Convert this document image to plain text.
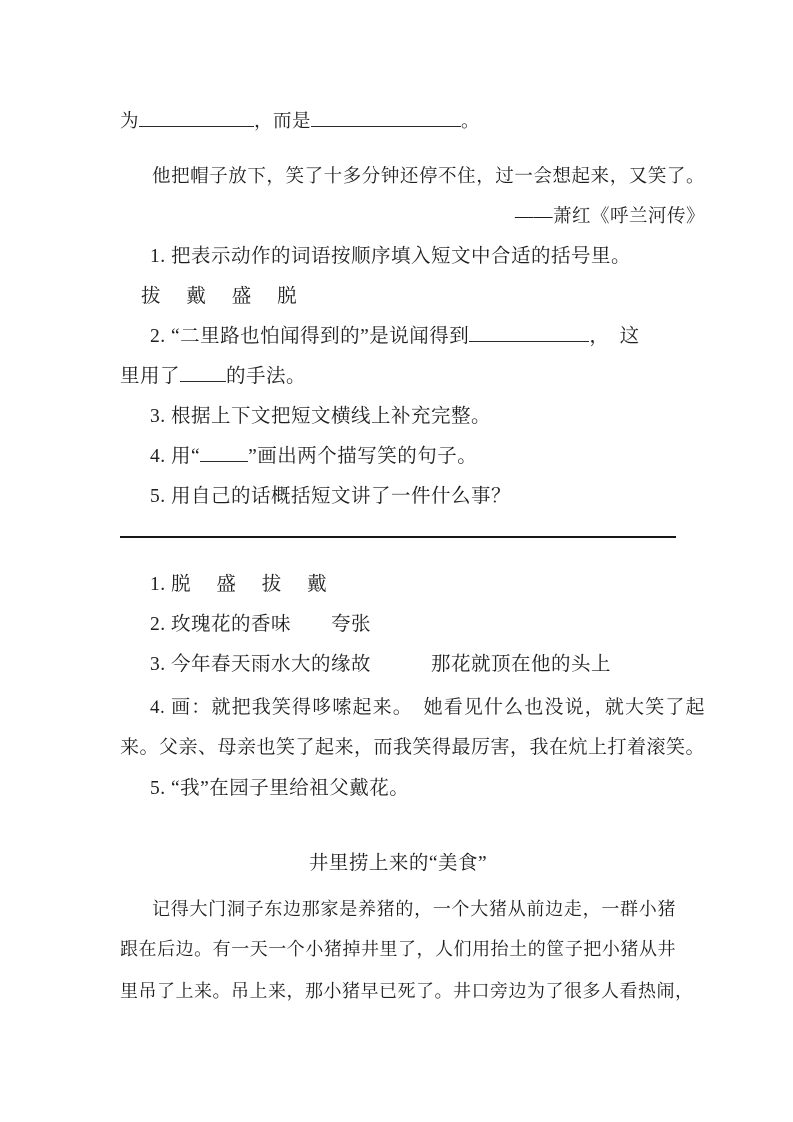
为	，而是	。
他把帽子放下，笑了十多分钟还停不住，过一会想起来，又笑了。
——萧红《呼兰河传》
1. 把表示动作的词语按顺序填入短文中合适的括号里。
拔　 戴　 盛　 脱
2. “二里路也怕闻得到的”是说闻得到	，　这
里用了 的手法。
3. 根据上下文把短文横线上补充完整。
4. 用“ ”画出两个描写笑的句子。
5. 用自己的话概括短文讲了一件什么事？
1. 脱　 盛　 拔　 戴
2. 玫瑰花的香味　　夸张
3. 今年春天雨水大的缘故　　　那花就顶在他的头上
4. 画：就把我笑得哆嗦起来。　她看见什么也没说，就大笑了起
来。父亲、母亲也笑了起来，而我笑得最厉害，我在炕上打着滚笑。
5. “我”在园子里给祖父戴花。
井里捞上来的“美食”
记得大门洞子东边那家是养猪的，一个大猪从前边走，一群小猪
跟在后边。有一天一个小猪掉井里了，人们用抬土的筐子把小猪从井
里吊了上来。吊上来，那小猪早已死了。井口旁边为了很多人看热闹，
